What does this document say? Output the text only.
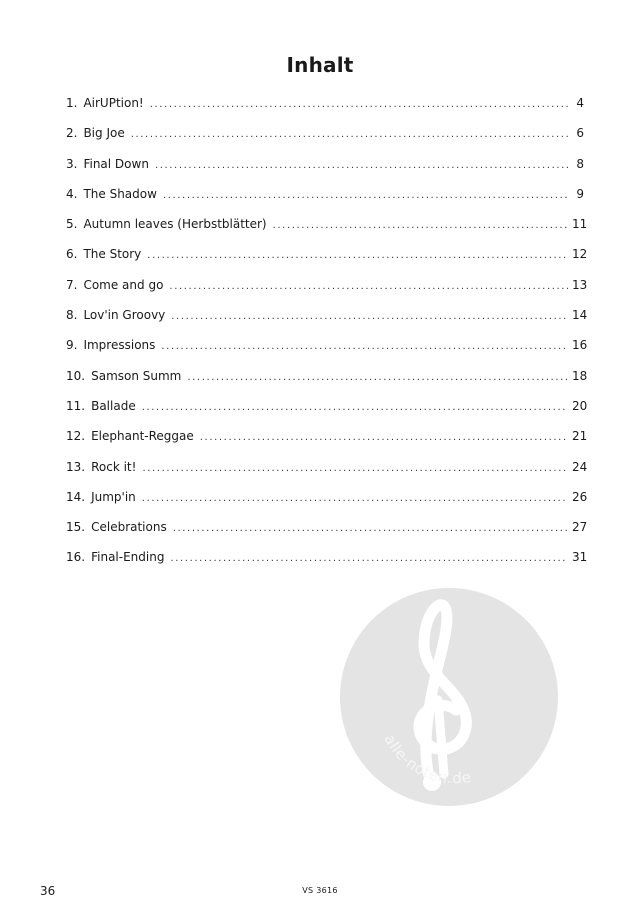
Inhalt
1. AirUPtion! .....	4
2. Big Joe .....	6
3. Final Down .....	8
4. The Shadow .....	9
5. Autumn leaves (Herbstblätter) .....	11
6. The Story .....	12
7. Come and go .....	13
8. Lov'in Groovy .....	14
9. Impressions .....	16
10. Samson Summ .....	18
11. Ballade .....	20
12. Elephant-Reggae .....	21
13. Rock it! .....	24
14. Jump'in .....	26
15. Celebrations .....	27
16. Final-Ending .....	31
alle-noten.de
36	VS 3616
